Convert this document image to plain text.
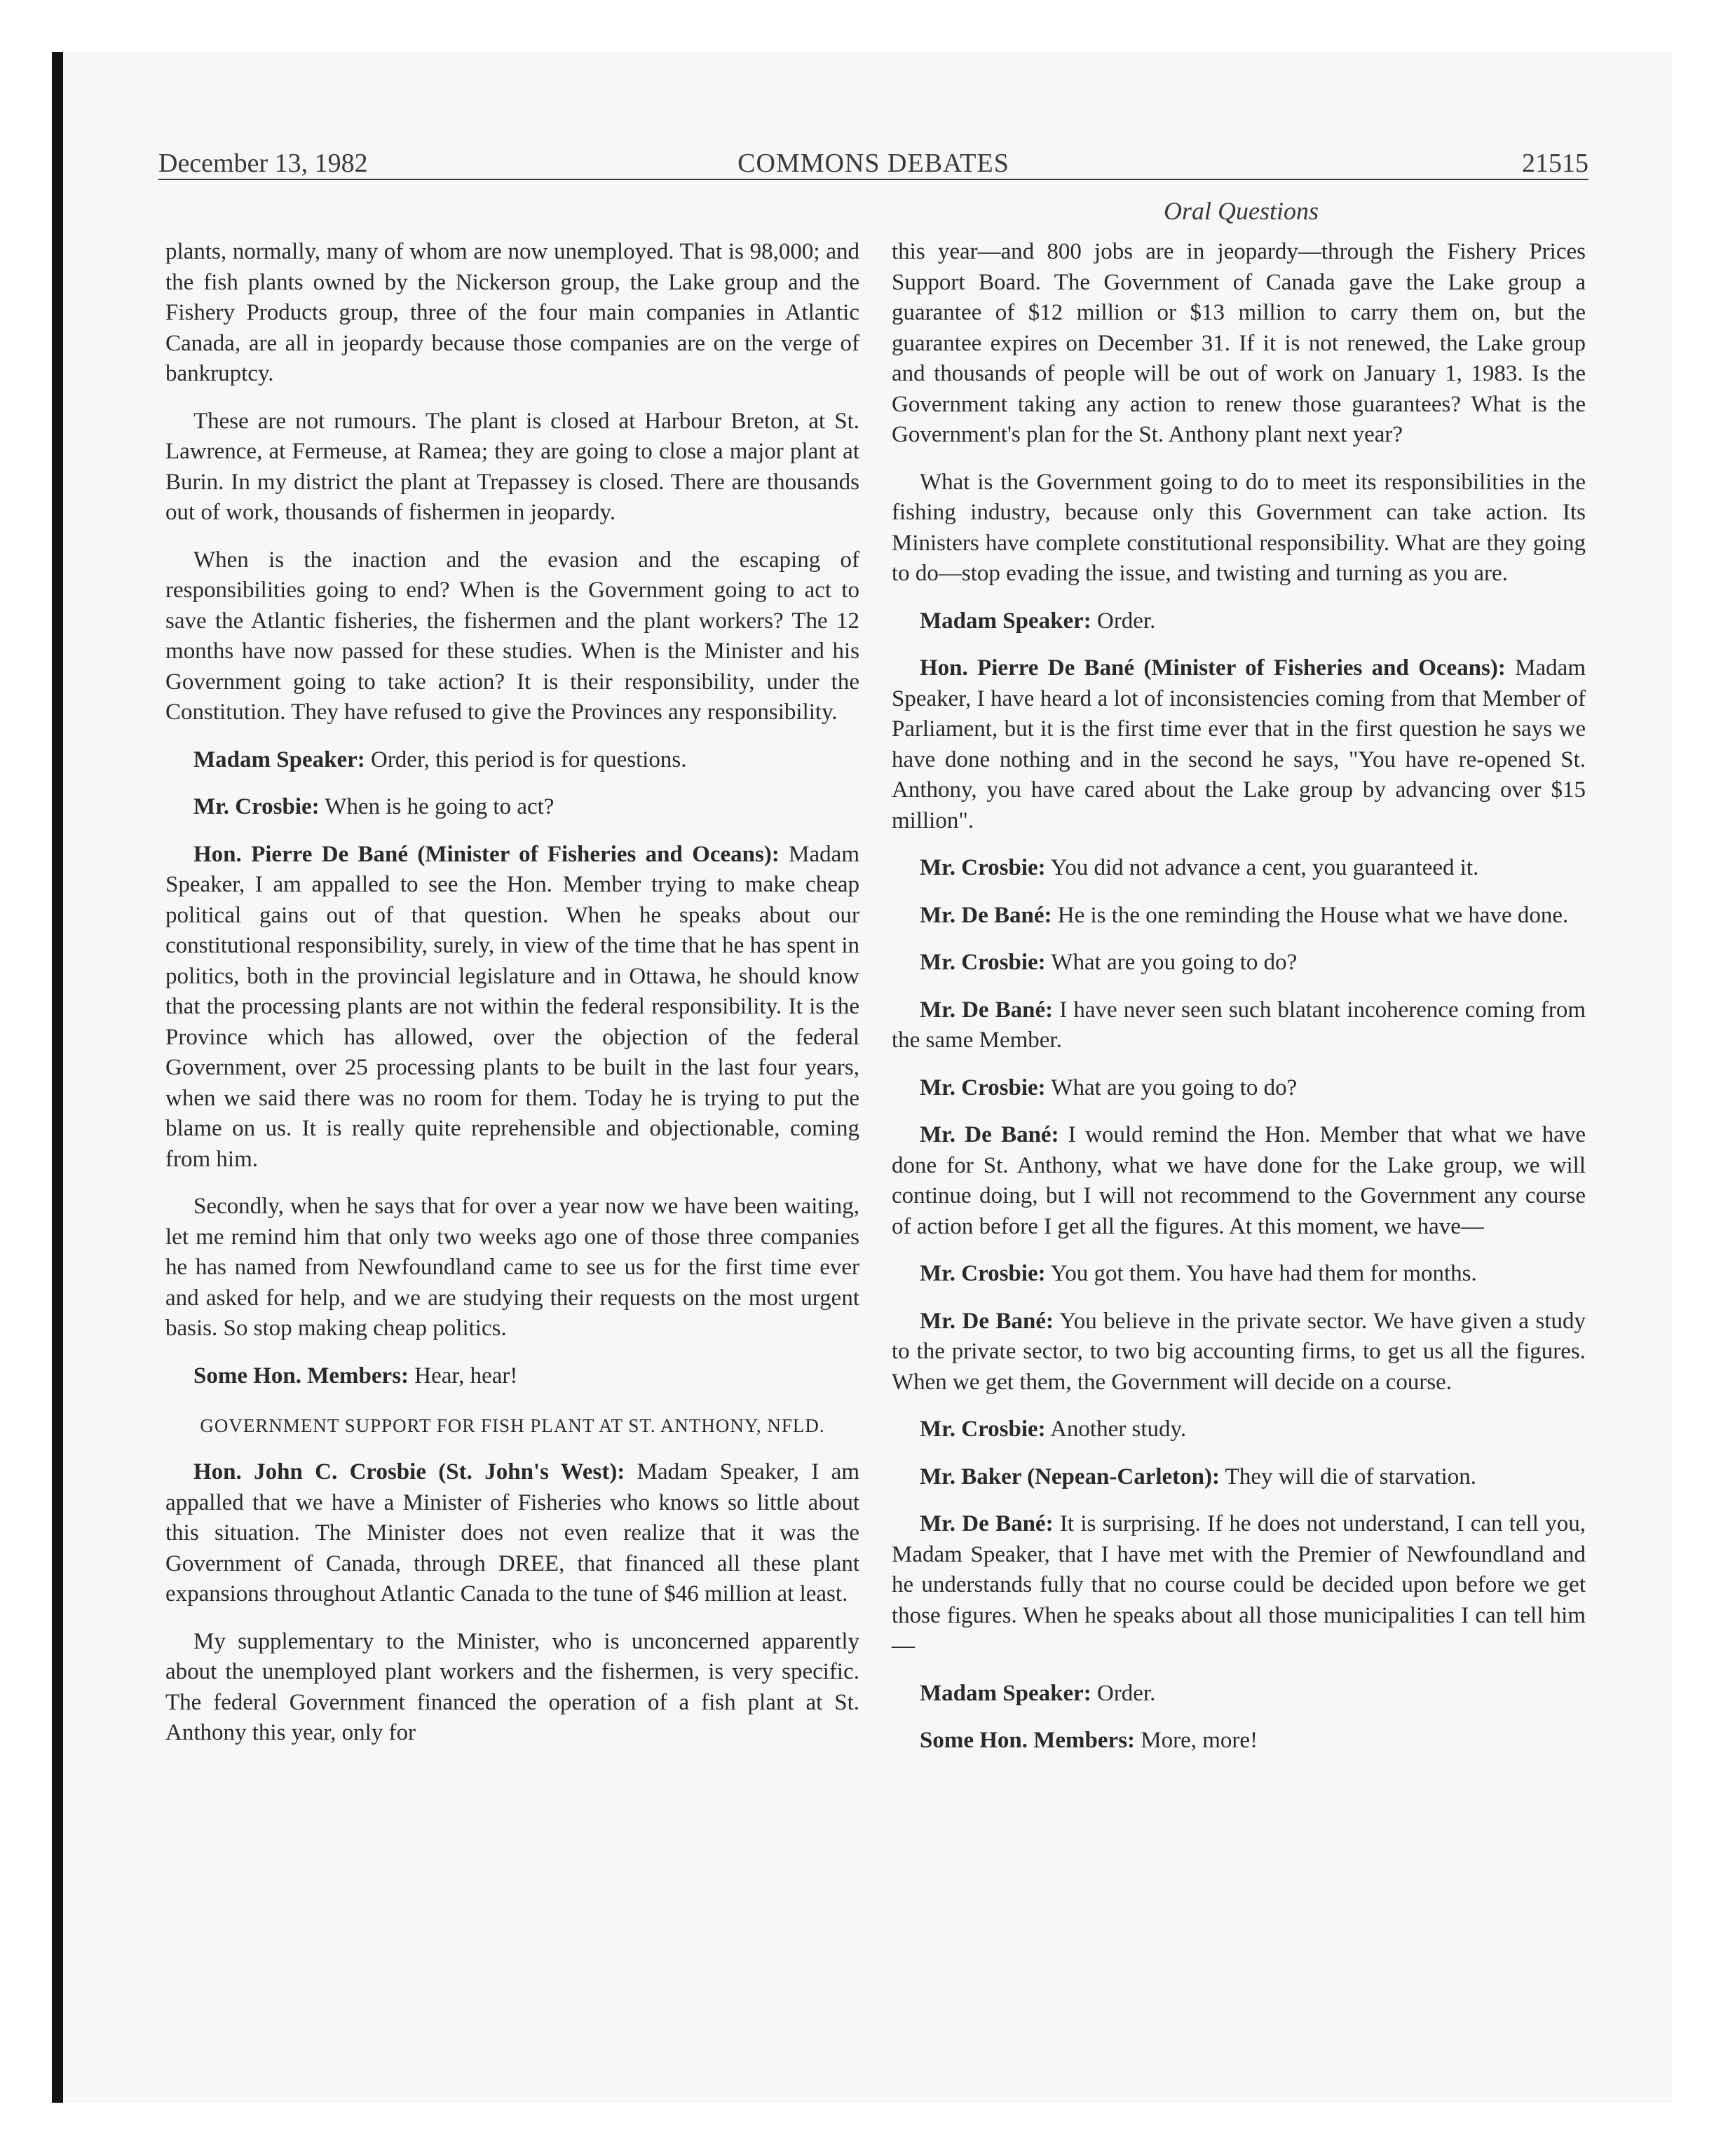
December 13, 1982	COMMONS DEBATES	21515
Oral Questions

plants, normally, many of whom are now unemployed. That is 98,000; and the fish plants owned by the Nickerson group, the Lake group and the Fishery Products group, three of the four main companies in Atlantic Canada, are all in jeopardy because those companies are on the verge of bankruptcy.

These are not rumours. The plant is closed at Harbour Breton, at St. Lawrence, at Fermeuse, at Ramea; they are going to close a major plant at Burin. In my district the plant at Trepassey is closed. There are thousands out of work, thousands of fishermen in jeopardy.

When is the inaction and the evasion and the escaping of responsibilities going to end? When is the Government going to act to save the Atlantic fisheries, the fishermen and the plant workers? The 12 months have now passed for these studies. When is the Minister and his Government going to take action? It is their responsibility, under the Constitution. They have refused to give the Provinces any responsibility.

Madam Speaker: Order, this period is for questions.

Mr. Crosbie: When is he going to act?

Hon. Pierre De Bané (Minister of Fisheries and Oceans): Madam Speaker, I am appalled to see the Hon. Member trying to make cheap political gains out of that question. When he speaks about our constitutional responsibility, surely, in view of the time that he has spent in politics, both in the provincial legislature and in Ottawa, he should know that the processing plants are not within the federal responsibility. It is the Province which has allowed, over the objection of the federal Government, over 25 processing plants to be built in the last four years, when we said there was no room for them. Today he is trying to put the blame on us. It is really quite reprehensible and objectionable, coming from him.

Secondly, when he says that for over a year now we have been waiting, let me remind him that only two weeks ago one of those three companies he has named from Newfoundland came to see us for the first time ever and asked for help, and we are studying their requests on the most urgent basis. So stop making cheap politics.

Some Hon. Members: Hear, hear!

GOVERNMENT SUPPORT FOR FISH PLANT AT ST. ANTHONY, NFLD.

Hon. John C. Crosbie (St. John's West): Madam Speaker, I am appalled that we have a Minister of Fisheries who knows so little about this situation. The Minister does not even realize that it was the Government of Canada, through DREE, that financed all these plant expansions throughout Atlantic Canada to the tune of $46 million at least.

My supplementary to the Minister, who is unconcerned apparently about the unemployed plant workers and the fishermen, is very specific. The federal Government financed the operation of a fish plant at St. Anthony this year, only for

this year—and 800 jobs are in jeopardy—through the Fishery Prices Support Board. The Government of Canada gave the Lake group a guarantee of $12 million or $13 million to carry them on, but the guarantee expires on December 31. If it is not renewed, the Lake group and thousands of people will be out of work on January 1, 1983. Is the Government taking any action to renew those guarantees? What is the Government's plan for the St. Anthony plant next year?

What is the Government going to do to meet its responsibilities in the fishing industry, because only this Government can take action. Its Ministers have complete constitutional responsibility. What are they going to do—stop evading the issue, and twisting and turning as you are.

Madam Speaker: Order.

Hon. Pierre De Bané (Minister of Fisheries and Oceans): Madam Speaker, I have heard a lot of inconsistencies coming from that Member of Parliament, but it is the first time ever that in the first question he says we have done nothing and in the second he says, "You have re-opened St. Anthony, you have cared about the Lake group by advancing over $15 million".

Mr. Crosbie: You did not advance a cent, you guaranteed it.

Mr. De Bané: He is the one reminding the House what we have done.

Mr. Crosbie: What are you going to do?

Mr. De Bané: I have never seen such blatant incoherence coming from the same Member.

Mr. Crosbie: What are you going to do?

Mr. De Bané: I would remind the Hon. Member that what we have done for St. Anthony, what we have done for the Lake group, we will continue doing, but I will not recommend to the Government any course of action before I get all the figures. At this moment, we have—

Mr. Crosbie: You got them. You have had them for months.

Mr. De Bané: You believe in the private sector. We have given a study to the private sector, to two big accounting firms, to get us all the figures. When we get them, the Government will decide on a course.

Mr. Crosbie: Another study.

Mr. Baker (Nepean-Carleton): They will die of starvation.

Mr. De Bané: It is surprising. If he does not understand, I can tell you, Madam Speaker, that I have met with the Premier of Newfoundland and he understands fully that no course could be decided upon before we get those figures. When he speaks about all those municipalities I can tell him—

Madam Speaker: Order.

Some Hon. Members: More, more!
